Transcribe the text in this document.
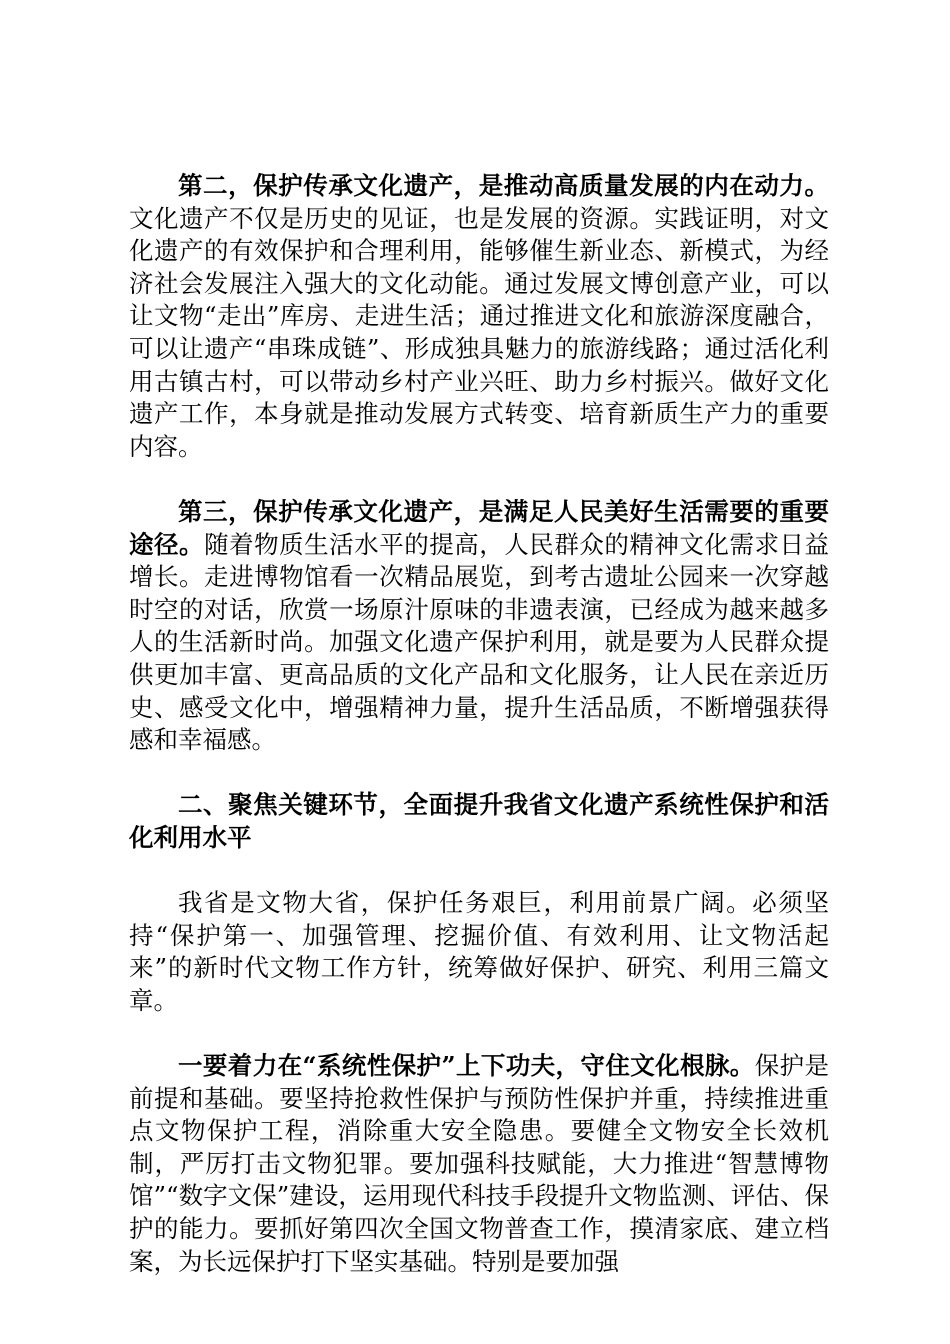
第二，保护传承文化遗产，是推动高质量发展的内在动力。文化遗产不仅是历史的见证，也是发展的资源。实践证明，对文化遗产的有效保护和合理利用，能够催生新业态、新模式，为经济社会发展注入强大的文化动能。通过发展文博创意产业，可以让文物“走出”库房、走进生活；通过推进文化和旅游深度融合，可以让遗产“串珠成链”、形成独具魅力的旅游线路；通过活化利用古镇古村，可以带动乡村产业兴旺、助力乡村振兴。做好文化遗产工作，本身就是推动发展方式转变、培育新质生产力的重要内容。

第三，保护传承文化遗产，是满足人民美好生活需要的重要途径。随着物质生活水平的提高，人民群众的精神文化需求日益增长。走进博物馆看一次精品展览，到考古遗址公园来一次穿越时空的对话，欣赏一场原汁原味的非遗表演，已经成为越来越多人的生活新时尚。加强文化遗产保护利用，就是要为人民群众提供更加丰富、更高品质的文化产品和文化服务，让人民在亲近历史、感受文化中，增强精神力量，提升生活品质，不断增强获得感和幸福感。

二、聚焦关键环节，全面提升我省文化遗产系统性保护和活化利用水平

我省是文物大省，保护任务艰巨，利用前景广阔。必须坚持“保护第一、加强管理、挖掘价值、有效利用、让文物活起来”的新时代文物工作方针，统筹做好保护、研究、利用三篇文章。

一要着力在“系统性保护”上下功夫，守住文化根脉。保护是前提和基础。要坚持抢救性保护与预防性保护并重，持续推进重点文物保护工程，消除重大安全隐患。要健全文物安全长效机制，严厉打击文物犯罪。要加强科技赋能，大力推进“智慧博物馆”“数字文保”建设，运用现代科技手段提升文物监测、评估、保护的能力。要抓好第四次全国文物普查工作，摸清家底、建立档案，为长远保护打下坚实基础。特别是要加强
